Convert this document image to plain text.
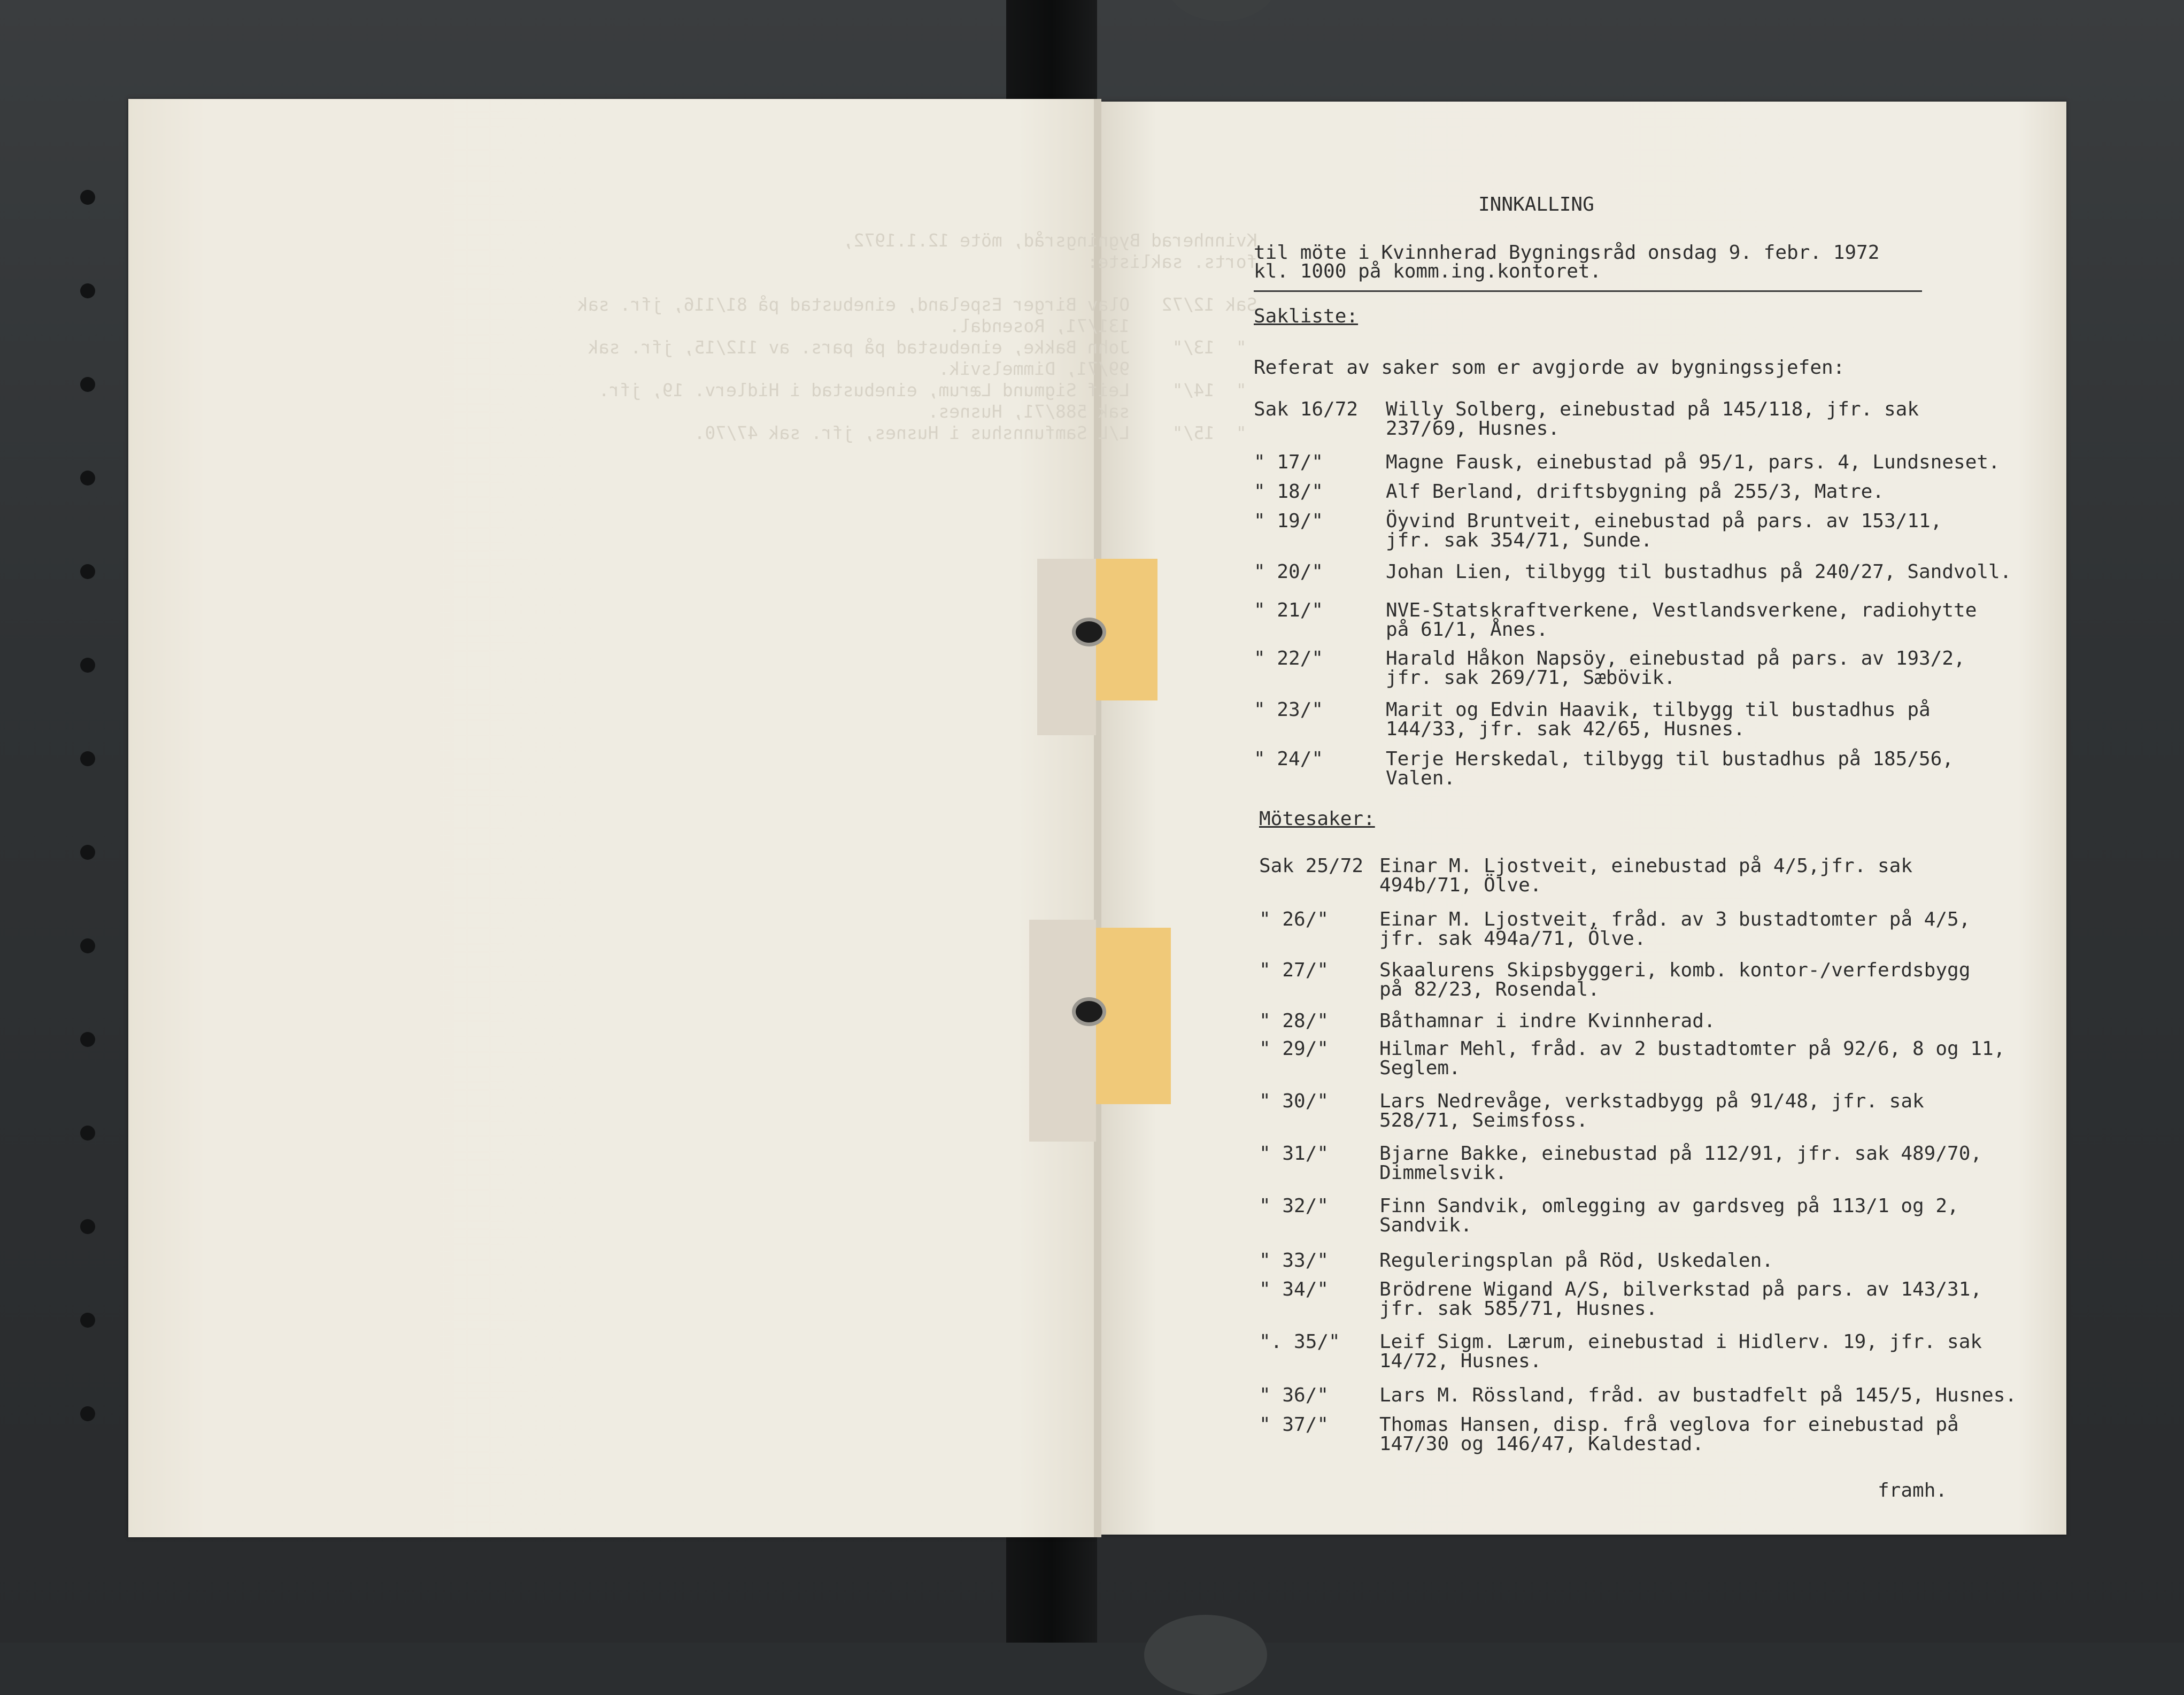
Kvinnherad Bygningsråd, möte 12.1.1972,
forts. sakliste:

Sak 12/72   Olav Birger Espeland, einebustad på 81/116, jfr. sak
131/71, Rosendal.
"  13/"    John Bakke, einebustad på pars. av 112/15, jfr. sak
99/71, Dimmelsvik.
"  14/"    Leif Sigmund Lærum, einebustad i Hidlerv. 19, jfr.
sak 588/71, Husnes.
"  15/"    L/L Samfunnshus i Husnes, jfr. sak 47/70.
INNKALLING
til möte i Kvinnherad Bygningsråd onsdag 9. febr. 1972
kl. 1000 på komm.ing.kontoret.
Sakliste:
Referat av saker som er avgjorde av bygningssjefen:
Sak 16/72 Willy Solberg, einebustad på 145/118, jfr. sak
237/69, Husnes.
" 17/"	Magne Fausk, einebustad på 95/1, pars. 4, Lundsneset.
" 18/"	Alf Berland, driftsbygning på 255/3, Matre.
" 19/"	Öyvind Bruntveit, einebustad på pars. av 153/11,
jfr. sak 354/71, Sunde.
" 20/"	Johan Lien, tilbygg til bustadhus på 240/27, Sandvoll.
" 21/"	NVE-Statskraftverkene, Vestlandsverkene, radiohytte
på 61/1, Ånes.
" 22/"	Harald Håkon Napsöy, einebustad på pars. av 193/2,
jfr. sak 269/71, Sæbövik.
" 23/"	Marit og Edvin Haavik, tilbygg til bustadhus på
144/33, jfr. sak 42/65, Husnes.
" 24/"	Terje Herskedal, tilbygg til bustadhus på 185/56,
Valen.
Mötesaker:
Sak 25/72 Einar M. Ljostveit, einebustad på 4/5,jfr. sak
494b/71, Ölve.
" 26/"	Einar M. Ljostveit, fråd. av 3 bustadtomter på 4/5,
jfr. sak 494a/71, Ölve.
" 27/"	Skaalurens Skipsbyggeri, komb. kontor-/verferdsbygg
på 82/23, Rosendal.
" 28/"	Båthamnar i indre Kvinnherad.
" 29/"	Hilmar Mehl, fråd. av 2 bustadtomter på 92/6, 8 og 11,
Seglem.
" 30/"	Lars Nedrevåge, verkstadbygg på 91/48, jfr. sak
528/71, Seimsfoss.
" 31/"	Bjarne Bakke, einebustad på 112/91, jfr. sak 489/70,
Dimmelsvik.
" 32/"	Finn Sandvik, omlegging av gardsveg på 113/1 og 2,
Sandvik.
" 33/"	Reguleringsplan på Röd, Uskedalen.
" 34/"	Brödrene Wigand A/S, bilverkstad på pars. av 143/31,
jfr. sak 585/71, Husnes.
". 35/" Leif Sigm. Lærum, einebustad i Hidlerv. 19, jfr. sak
14/72, Husnes.
" 36/"	Lars M. Rössland, fråd. av bustadfelt på 145/5, Husnes.
" 37/"	Thomas Hansen, disp. frå veglova for einebustad på
147/30 og 146/47, Kaldestad.
framh.
